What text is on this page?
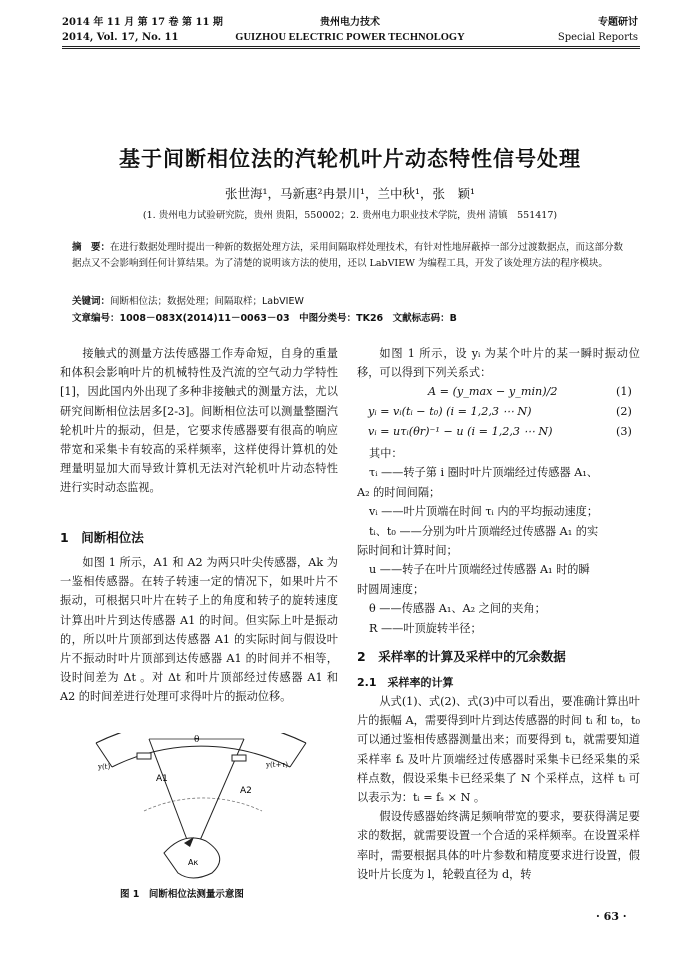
2014 年 11 月 第 17 卷 第 11 期
2014, Vol. 17, No. 11
贵州电力技术
GUIZHOU ELECTRIC POWER TECHNOLOGY
专题研讨
Special Reports
基于间断相位法的汽轮机叶片动态特性信号处理
张世海¹，马新惠²冉景川¹，兰中秋¹，张　颖¹
(1. 贵州电力试验研究院，贵州 贵阳，550002；2. 贵州电力职业技术学院，贵州 清镇　551417)
摘　要：在进行数据处理时提出一种新的数据处理方法，采用间隔取样处理技术，有针对性地屏蔽掉一部分过渡数据点，而这部分数据点又不会影响到任何计算结果。为了清楚的说明该方法的使用，还以 LabVIEW 为编程工具，开发了该处理方法的程序模块。
关键词：间断相位法；数据处理；间隔取样；LabVIEW
文章编号：1008－083X(2014)11－0063－03　中图分类号：TK26　文献标志码：B

接触式的测量方法传感器工作寿命短，自身的重量和体积会影响叶片的机械特性及汽流的空气动力学特性[1]，因此国内外出现了多种非接触式的测量方法，尤以研究间断相位法居多[2-3]。间断相位法可以测量整圈汽轮机叶片的振动，但是，它要求传感器要有很高的响应带宽和采集卡有较高的采样频率，这样使得计算机的处理量明显加大而导致计算机无法对汽轮机叶片动态特性进行实时动态监视。

1　间断相位法

如图 1 所示，A1 和 A2 为两只叶尖传感器，Ak 为一鉴相传感器。在转子转速一定的情况下，如果叶片不振动，可根据只叶片在转子上的角度和转子的旋转速度计算出叶片到达传感器 A1 的时间。但实际上叶是振动的，所以叶片顶部到达传感器 A1 的实际时间与假设叶片不振动时叶片顶部到达传感器 A1 的时间并不相等，设时间差为 Δt 。对 Δt 和叶片顶部经过传感器 A1 和 A2 的时间差进行处理可求得叶片的振动位移。

θ
y(t)	y(t+τ)
A1
A2
Aκ
图 1　间断相位法测量示意图

如图 1 所示，设 yᵢ 为某个叶片的某一瞬时振动位移，可以得到下列关系式：

A = (y_max − y_min)/2	(1)
yᵢ = vᵢ(tᵢ − t₀) (i = 1,2,3 ⋯ N)	(2)
vᵢ = uτᵢ(θr)⁻¹ − u (i = 1,2,3 ⋯ N)	(3)
其中：
τᵢ ——转子第 i 圈时叶片顶端经过传感器 A₁、
A₂ 的时间间隔；
vᵢ ——叶片顶端在时间 τᵢ 内的平均振动速度；
tᵢ、t₀ ——分别为叶片顶端经过传感器 A₁ 的实
际时间和计算时间；
u ——转子在叶片顶端经过传感器 A₁ 时的瞬
时圆周速度；
θ ——传感器 A₁、A₂ 之间的夹角；
R ——叶顶旋转半径；
2　采样率的计算及采样中的冗余数据
2.1　采样率的计算

从式(1)、式(2)、式(3)中可以看出，要准确计算出叶片的振幅 A，需要得到叶片到达传感器的时间 tᵢ 和 t₀，t₀ 可以通过鉴相传感器测量出来；而要得到 tᵢ，就需要知道采样率 fₛ 及叶片顶端经过传感器时采集卡已经采集的采样点数，假设采集卡已经采集了 N 个采样点，这样 tᵢ 可以表示为：tᵢ = fₛ × N 。

假设传感器始终满足频响带宽的要求，要获得满足要求的数据，就需要设置一个合适的采样频率。在设置采样率时，需要根据具体的叶片参数和精度要求进行设置，假设叶片长度为 l，轮毂直径为 d，转

· 63 ·
